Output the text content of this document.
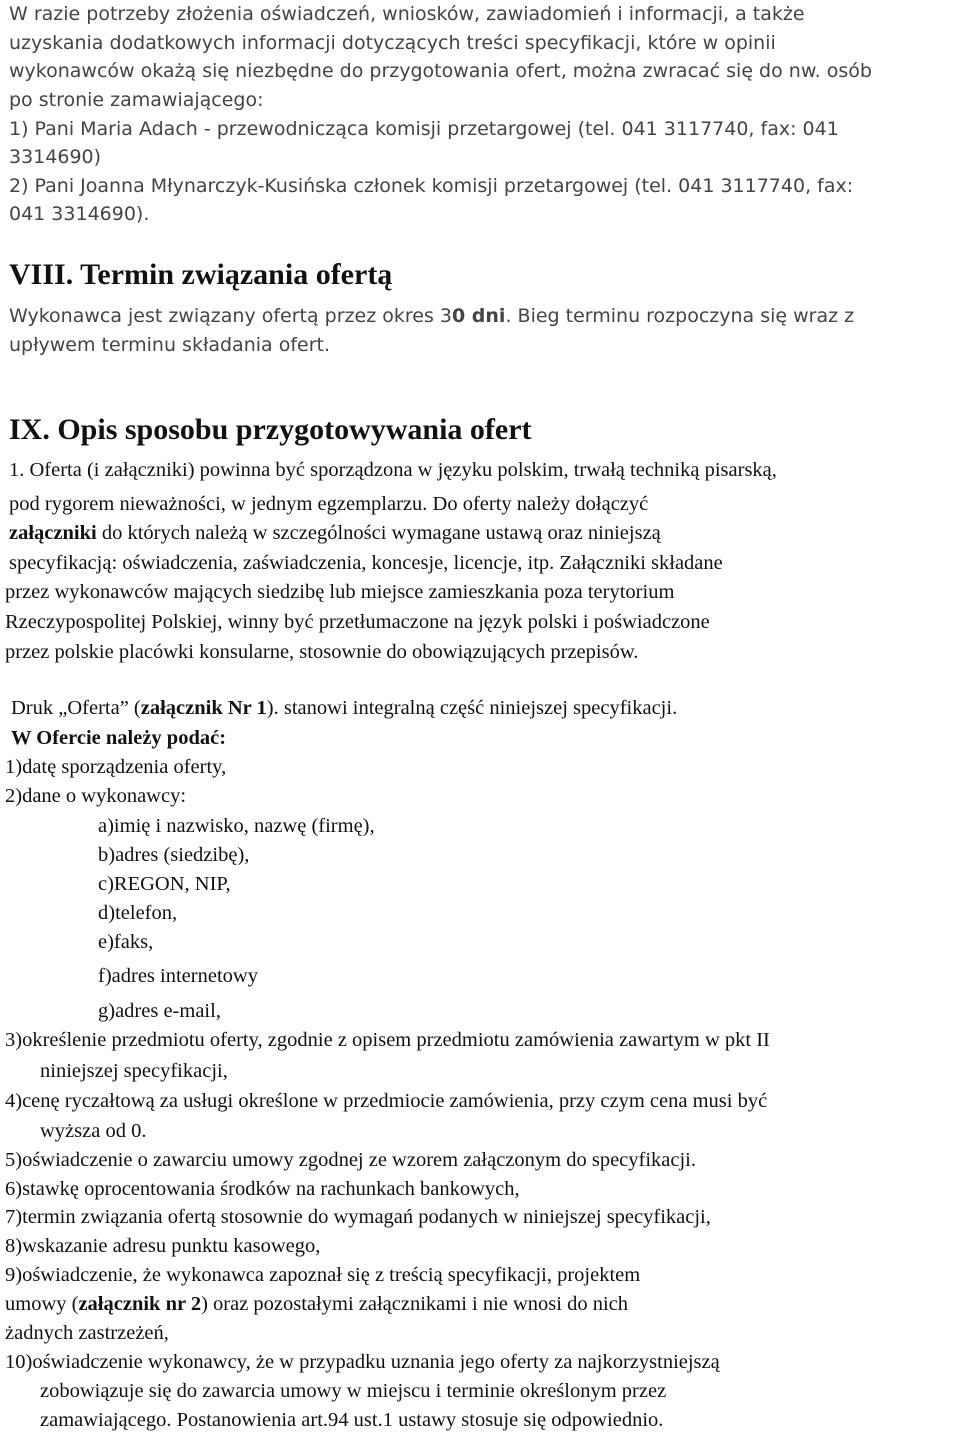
W razie potrzeby złożenia oświadczeń, wniosków, zawiadomień i informacji, a także
uzyskania dodatkowych informacji dotyczących treści specyfikacji, które w opinii
wykonawców okażą się niezbędne do przygotowania ofert, można zwracać się do nw. osób
po stronie zamawiającego:
1) Pani Maria Adach - przewodnicząca komisji przetargowej (tel. 041 3117740, fax: 041
3314690)
2) Pani Joanna Młynarczyk-Kusińska członek komisji przetargowej (tel. 041 3117740, fax:
041 3314690).
VIII. Termin związania ofertą
Wykonawca jest związany ofertą przez okres 30 dni. Bieg terminu rozpoczyna się wraz z
upływem terminu składania ofert.
IX. Opis sposobu przygotowywania ofert
1. Oferta (i załączniki) powinna być sporządzona w języku polskim, trwałą techniką pisarską,
pod rygorem nieważności, w jednym egzemplarzu. Do oferty należy dołączyć
załączniki do których należą w szczególności wymagane ustawą oraz niniejszą
specyfikacją: oświadczenia, zaświadczenia, koncesje, licencje, itp. Załączniki składane
przez wykonawców mających siedzibę lub miejsce zamieszkania poza terytorium
Rzeczypospolitej Polskiej, winny być przetłumaczone na język polski i poświadczone
przez polskie placówki konsularne, stosownie do obowiązujących przepisów.
Druk „Oferta” (załącznik Nr 1). stanowi integralną część niniejszej specyfikacji.
W Ofercie należy podać:
1)datę sporządzenia oferty,
2)dane o wykonawcy:
a)imię i nazwisko, nazwę (firmę),
b)adres (siedzibę),
c)REGON, NIP,
d)telefon,
e)faks,
f)adres internetowy
g)adres e-mail,
3)określenie przedmiotu oferty, zgodnie z opisem przedmiotu zamówienia zawartym w pkt II
niniejszej specyfikacji,
4)cenę ryczałtową za usługi określone w przedmiocie zamówienia, przy czym cena musi być
wyższa od 0.
5)oświadczenie o zawarciu umowy zgodnej ze wzorem załączonym do specyfikacji.
6)stawkę oprocentowania środków na rachunkach bankowych,
7)termin związania ofertą stosownie do wymagań podanych w niniejszej specyfikacji,
8)wskazanie adresu punktu kasowego,
9)oświadczenie, że wykonawca zapoznał się z treścią specyfikacji, projektem
umowy (załącznik nr 2) oraz pozostałymi załącznikami i nie wnosi do nich
żadnych zastrzeżeń,
10)oświadczenie wykonawcy, że w przypadku uznania jego oferty za najkorzystniejszą
zobowiązuje się do zawarcia umowy w miejscu i terminie określonym przez
zamawiającego. Postanowienia art.94 ust.1 ustawy stosuje się odpowiednio.
